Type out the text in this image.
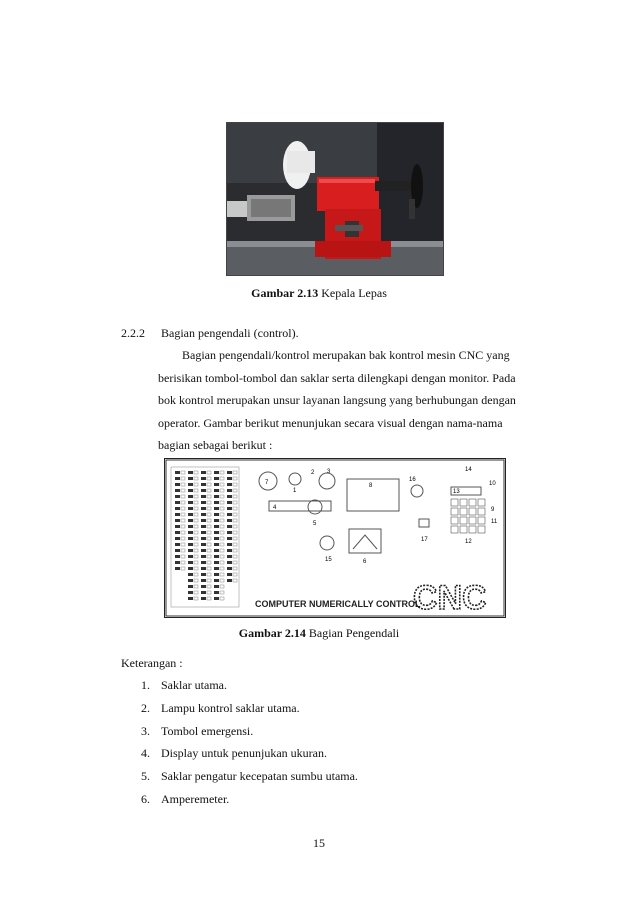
Gambar 2.13 Kepala Lepas
2.2.2 Bagian pengendali (control).
Bagian pengendali/kontrol merupakan bak kontrol mesin CNC yang
berisikan tombol-tombol dan saklar serta dilengkapi dengan monitor. Pada
bok kontrol merupakan unsur layanan langsung yang berhubungan dengan
operator. Gambar berikut menunjukan secara visual dengan nama-nama
bagian sebagai berikut :
7
1
2 3
4
5
8
16
14
13
10
9
11
15	6
17	12
COMPUTER NUMERICALLY CONTROL
CNC
Gambar 2.14 Bagian Pengendali
Keterangan :
1. Saklar utama.
2. Lampu kontrol saklar utama.
3. Tombol emergensi.
4. Display untuk penunjukan ukuran.
5. Saklar pengatur kecepatan sumbu utama.
6. Amperemeter.
15
